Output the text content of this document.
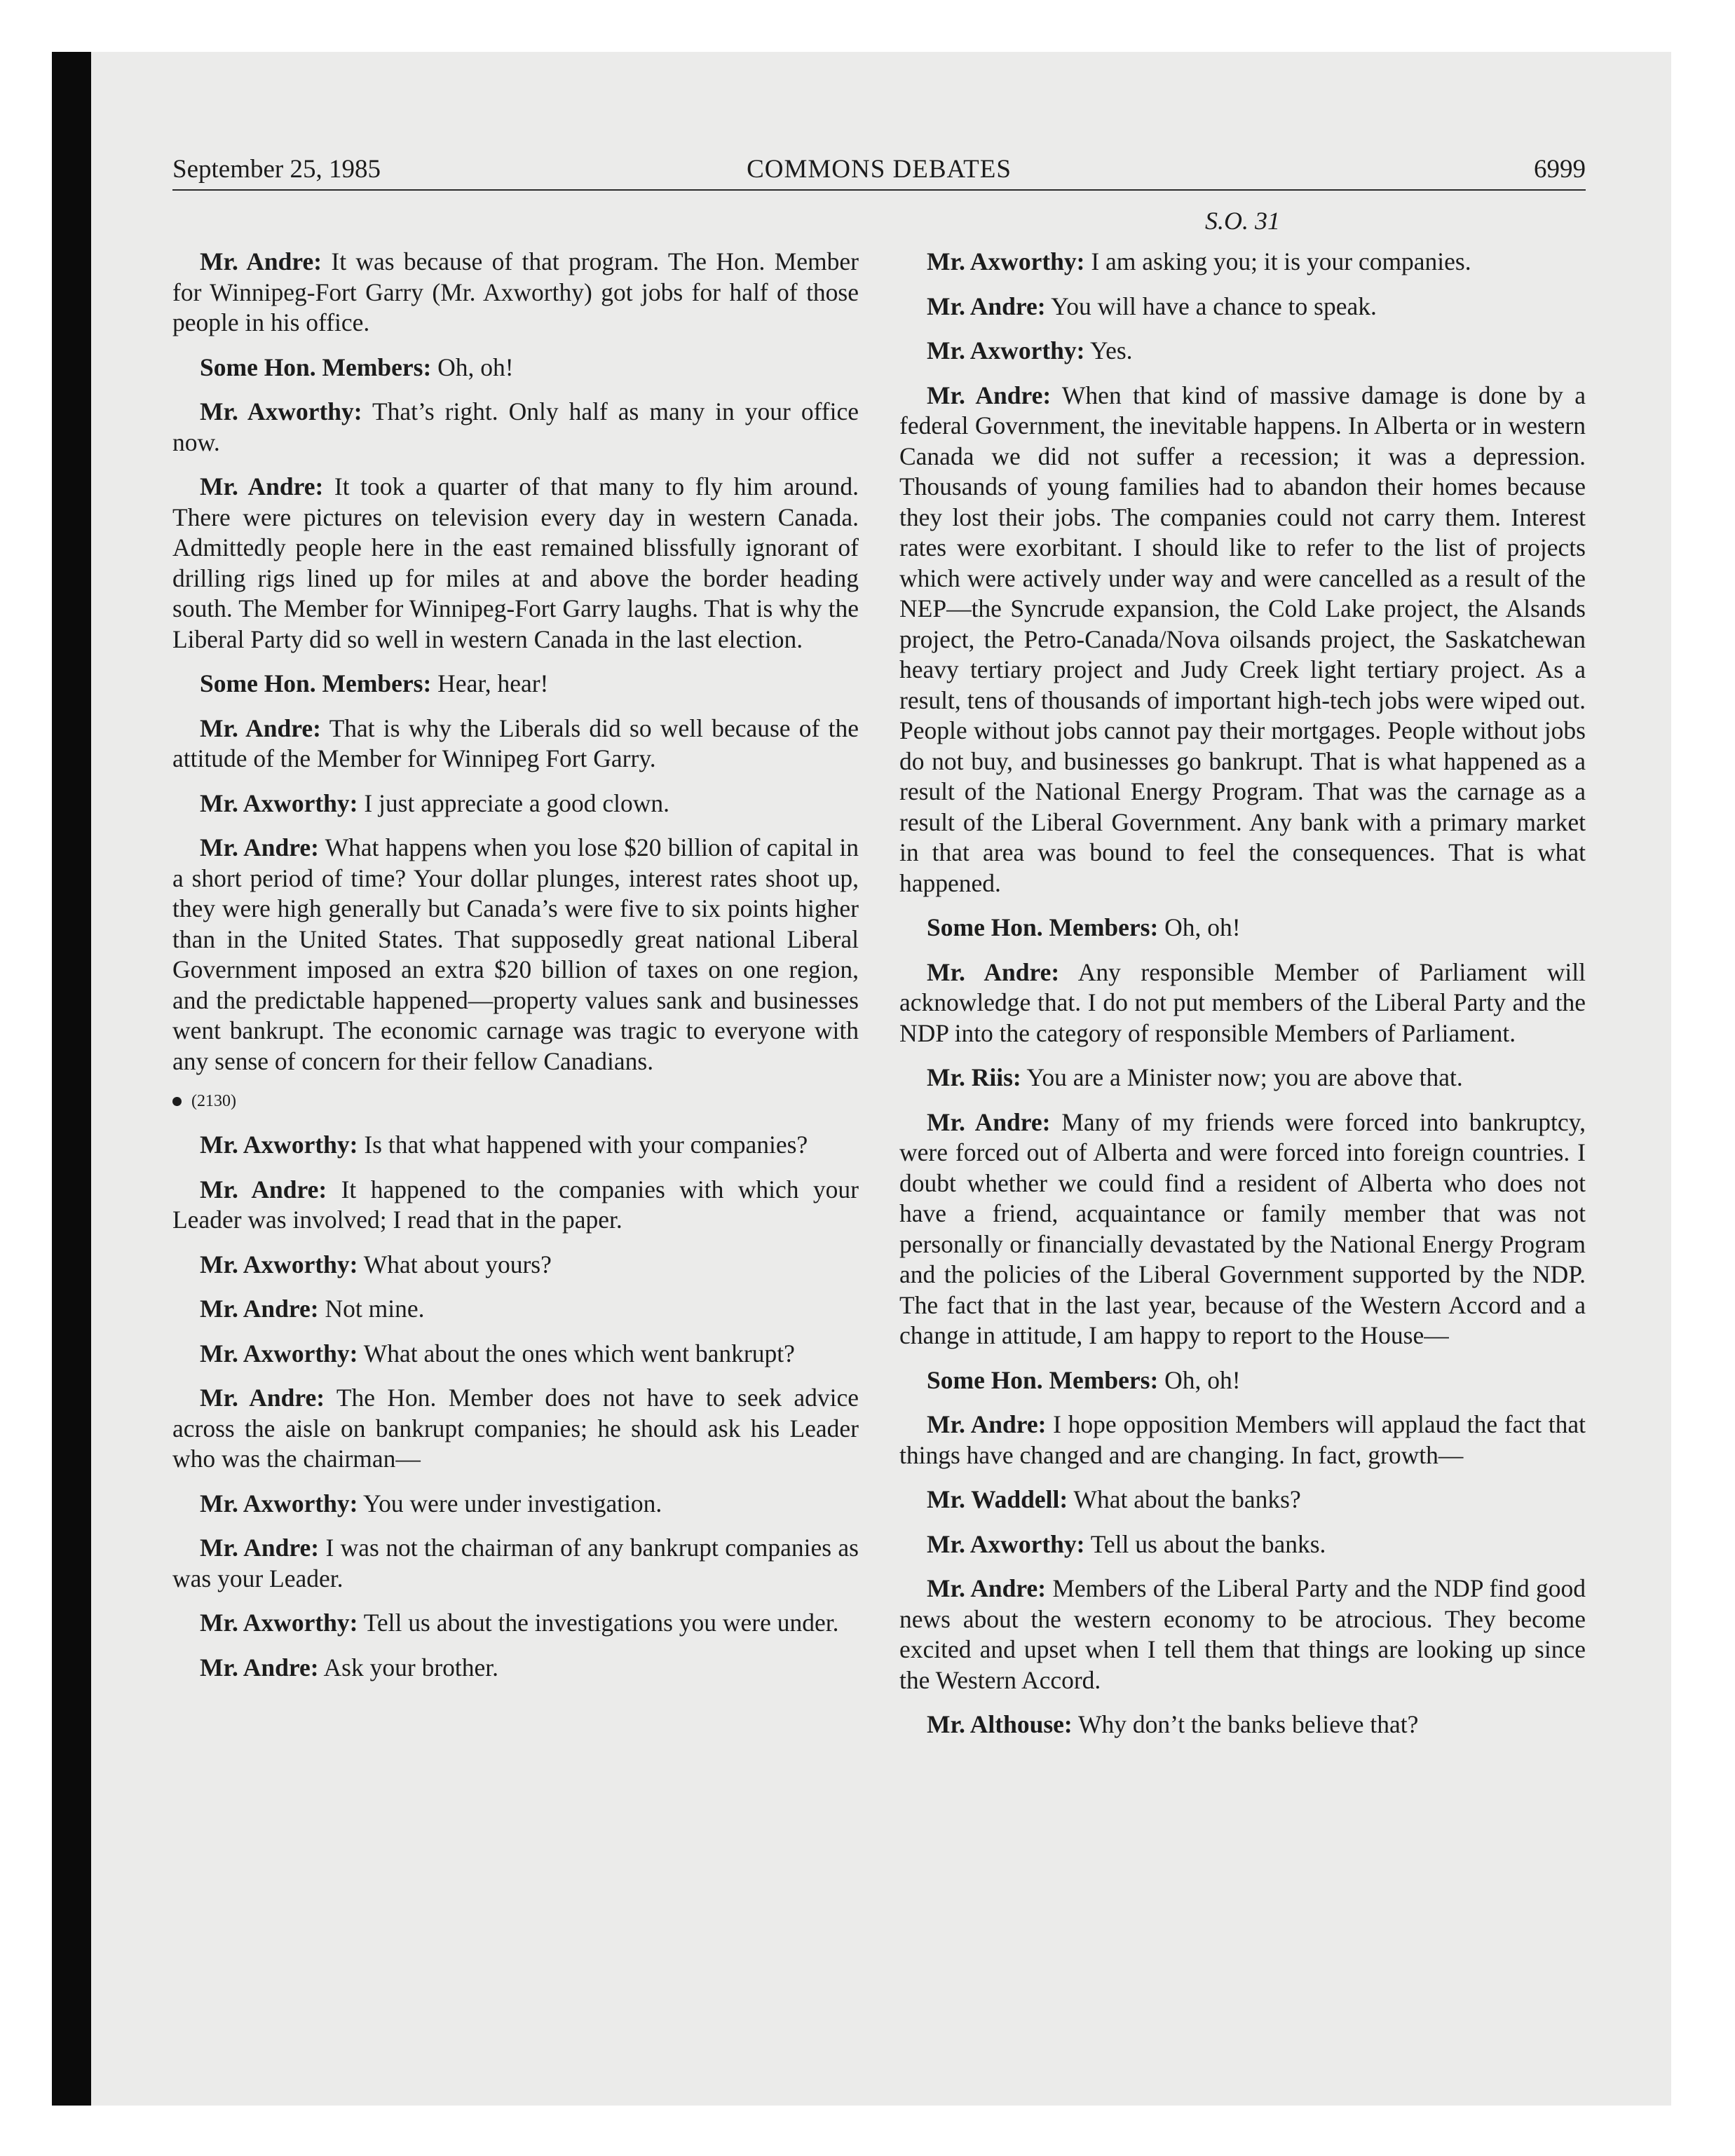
September 25, 1985	COMMONS DEBATES	6999
S.O. 31

Mr. Andre: It was because of that program. The Hon. Member for Winnipeg-Fort Garry (Mr. Axworthy) got jobs for half of those people in his office.

Some Hon. Members: Oh, oh!

Mr. Axworthy: That’s right. Only half as many in your office now.

Mr. Andre: It took a quarter of that many to fly him around. There were pictures on television every day in western Canada. Admittedly people here in the east remained blissfully ignorant of drilling rigs lined up for miles at and above the border heading south. The Member for Winnipeg-Fort Garry laughs. That is why the Liberal Party did so well in western Canada in the last election.

Some Hon. Members: Hear, hear!

Mr. Andre: That is why the Liberals did so well because of the attitude of the Member for Winnipeg Fort Garry.

Mr. Axworthy: I just appreciate a good clown.

Mr. Andre: What happens when you lose $20 billion of capital in a short period of time? Your dollar plunges, interest rates shoot up, they were high generally but Canada’s were five to six points higher than in the United States. That supposedly great national Liberal Government imposed an extra $20 billion of taxes on one region, and the predictable happened—property values sank and businesses went bankrupt. The economic carnage was tragic to everyone with any sense of concern for their fellow Canadians.

(2130)

Mr. Axworthy: Is that what happened with your companies?

Mr. Andre: It happened to the companies with which your Leader was involved; I read that in the paper.

Mr. Axworthy: What about yours?

Mr. Andre: Not mine.

Mr. Axworthy: What about the ones which went bankrupt?

Mr. Andre: The Hon. Member does not have to seek advice across the aisle on bankrupt companies; he should ask his Leader who was the chairman—

Mr. Axworthy: You were under investigation.

Mr. Andre: I was not the chairman of any bankrupt companies as was your Leader.

Mr. Axworthy: Tell us about the investigations you were under.

Mr. Andre: Ask your brother.

Mr. Axworthy: I am asking you; it is your companies.

Mr. Andre: You will have a chance to speak.

Mr. Axworthy: Yes.

Mr. Andre: When that kind of massive damage is done by a federal Government, the inevitable happens. In Alberta or in western Canada we did not suffer a recession; it was a depression. Thousands of young families had to abandon their homes because they lost their jobs. The companies could not carry them. Interest rates were exorbitant. I should like to refer to the list of projects which were actively under way and were cancelled as a result of the NEP—the Syncrude expansion, the Cold Lake project, the Alsands project, the Petro-Canada/Nova oilsands project, the Saskatchewan heavy tertiary project and Judy Creek light tertiary project. As a result, tens of thousands of important high-tech jobs were wiped out. People without jobs cannot pay their mortgages. People without jobs do not buy, and businesses go bankrupt. That is what happened as a result of the National Energy Program. That was the carnage as a result of the Liberal Government. Any bank with a primary market in that area was bound to feel the consequences. That is what happened.

Some Hon. Members: Oh, oh!

Mr. Andre: Any responsible Member of Parliament will acknowledge that. I do not put members of the Liberal Party and the NDP into the category of responsible Members of Parliament.

Mr. Riis: You are a Minister now; you are above that.

Mr. Andre: Many of my friends were forced into bankruptcy, were forced out of Alberta and were forced into foreign countries. I doubt whether we could find a resident of Alberta who does not have a friend, acquaintance or family member that was not personally or financially devastated by the National Energy Program and the policies of the Liberal Government supported by the NDP. The fact that in the last year, because of the Western Accord and a change in attitude, I am happy to report to the House—

Some Hon. Members: Oh, oh!

Mr. Andre: I hope opposition Members will applaud the fact that things have changed and are changing. In fact, growth—

Mr. Waddell: What about the banks?

Mr. Axworthy: Tell us about the banks.

Mr. Andre: Members of the Liberal Party and the NDP find good news about the western economy to be atrocious. They become excited and upset when I tell them that things are looking up since the Western Accord.

Mr. Althouse: Why don’t the banks believe that?
